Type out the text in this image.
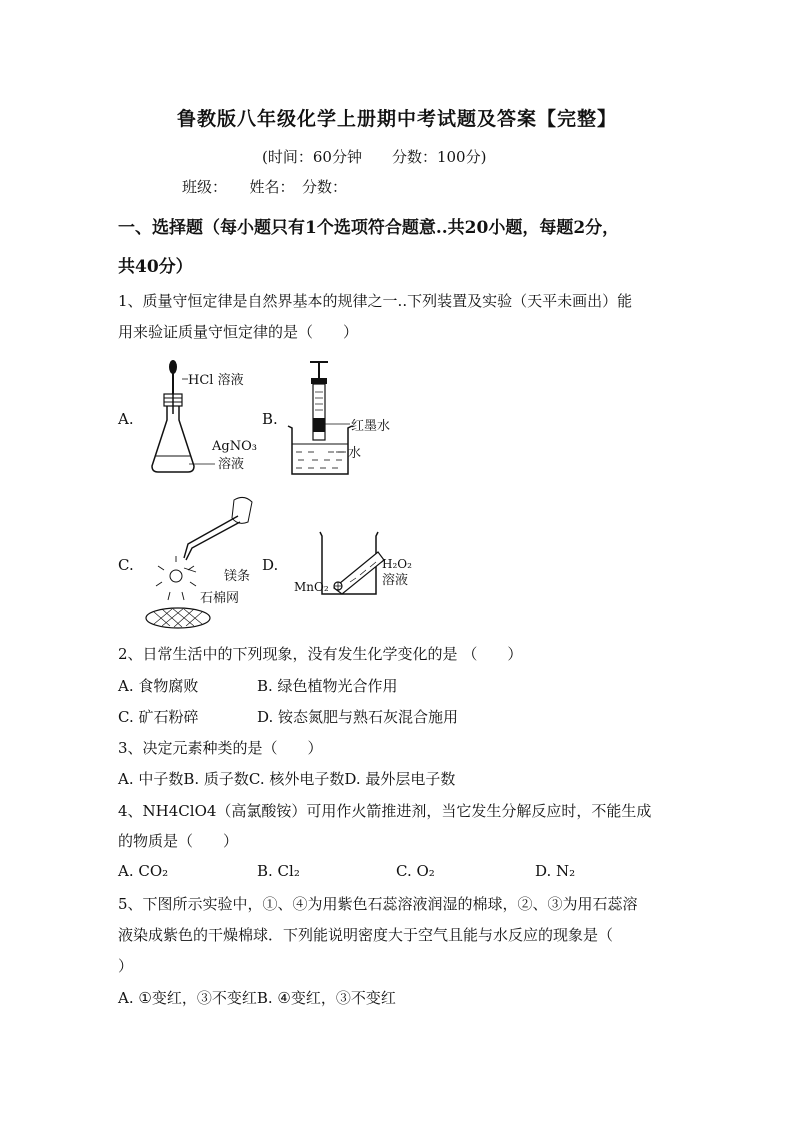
鲁教版八年级化学上册期中考试题及答案【完整】
(时间：60分钟　　分数：100分)
班级：　　姓名：　分数：
一、选择题（每小题只有1个选项符合题意..共20小题，每题2分，
共40分）
1、质量守恒定律是自然界基本的规律之一..下列装置及实验（天平未画出）能
用来验证质量守恒定律的是（　　）
A.	B.
C.	D.
HCl 溶液
AgNO₃
溶液
红墨水
水
镁条
石棉网
H₂O₂
溶液
MnO₂
2、日常生活中的下列现象，没有发生化学变化的是 （　　）
A. 食物腐败	B. 绿色植物光合作用
C. 矿石粉碎	D. 铵态氮肥与熟石灰混合施用
3、决定元素种类的是（　　）
A. 中子数B. 质子数C. 核外电子数D. 最外层电子数
4、NH4ClO4（高氯酸铵）可用作火箭推进剂，当它发生分解反应时，不能生成
的物质是（　　）
A. CO₂	B. Cl₂	C. O₂	D. N₂
5、下图所示实验中，①、④为用紫色石蕊溶液润湿的棉球，②、③为用石蕊溶
液染成紫色的干燥棉球．下列能说明密度大于空气且能与水反应的现象是（
）
A. ①变红，③不变红B. ④变红，③不变红
